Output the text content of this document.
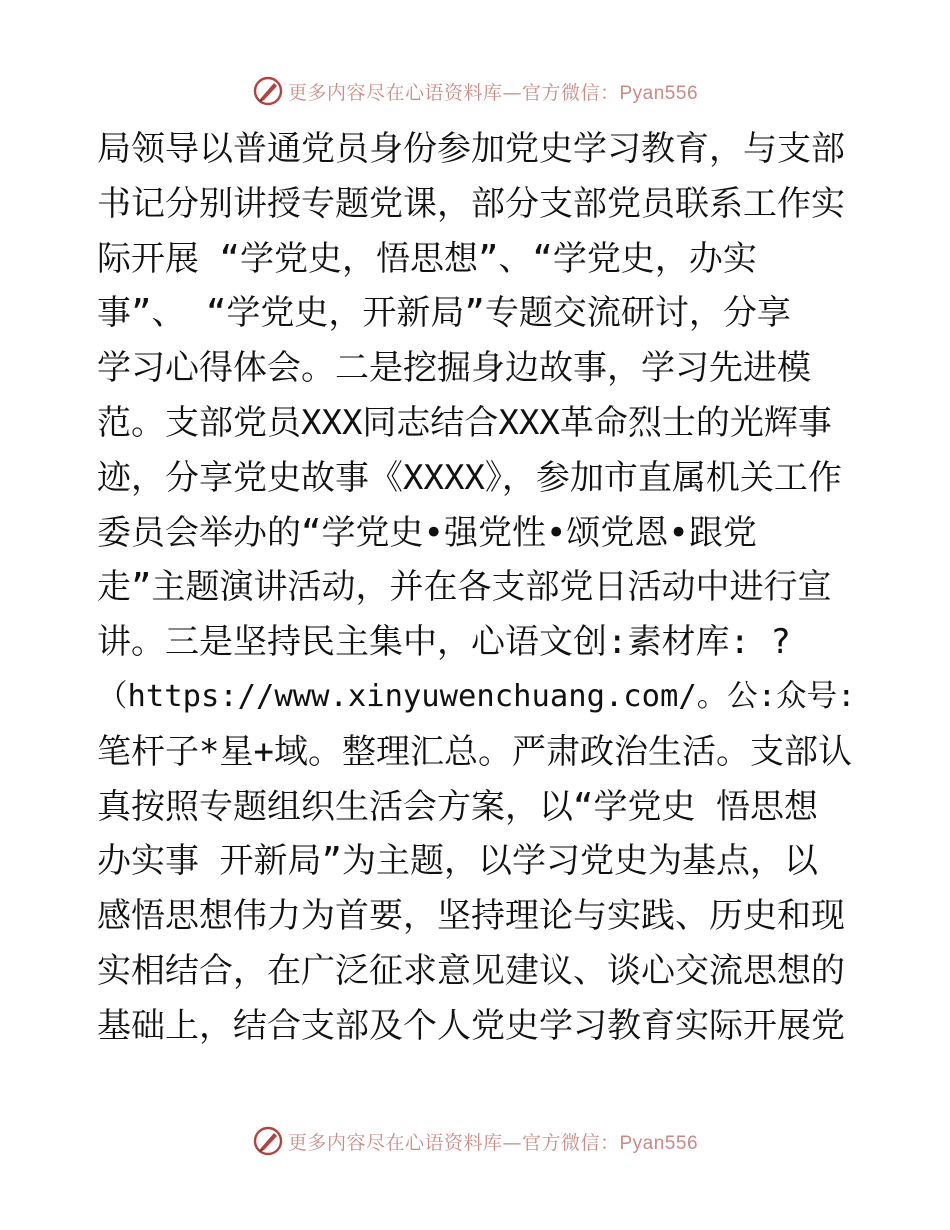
更多内容尽在心语资料库—官方微信：Pyan556
局领导以普通党员身份参加党史学习教育，与支部
书记分别讲授专题党课，部分支部党员联系工作实
际开展 “学党史，悟思想”、“学党史，办实
事”、 “学党史，开新局”专题交流研讨，分享
学习心得体会。二是挖掘身边故事，学习先进模
范。支部党员XXX同志结合XXX革命烈士的光辉事
迹，分享党史故事《XXXX》，参加市直属机关工作
委员会举办的“学党史•强党性•颂党恩•跟党
走”主题演讲活动，并在各支部党日活动中进行宣
讲。三是坚持民主集中，心语文创:素材库: ?
（https://www.xinyuwenchuang.com/。公:众号:
笔杆子*星+域。整理汇总。严肃政治生活。支部认
真按照专题组织生活会方案，以“学党史 悟思想
办实事 开新局”为主题，以学习党史为基点，以
感悟思想伟力为首要，坚持理论与实践、历史和现
实相结合，在广泛征求意见建议、谈心交流思想的
基础上，结合支部及个人党史学习教育实际开展党
更多内容尽在心语资料库—官方微信：Pyan556
